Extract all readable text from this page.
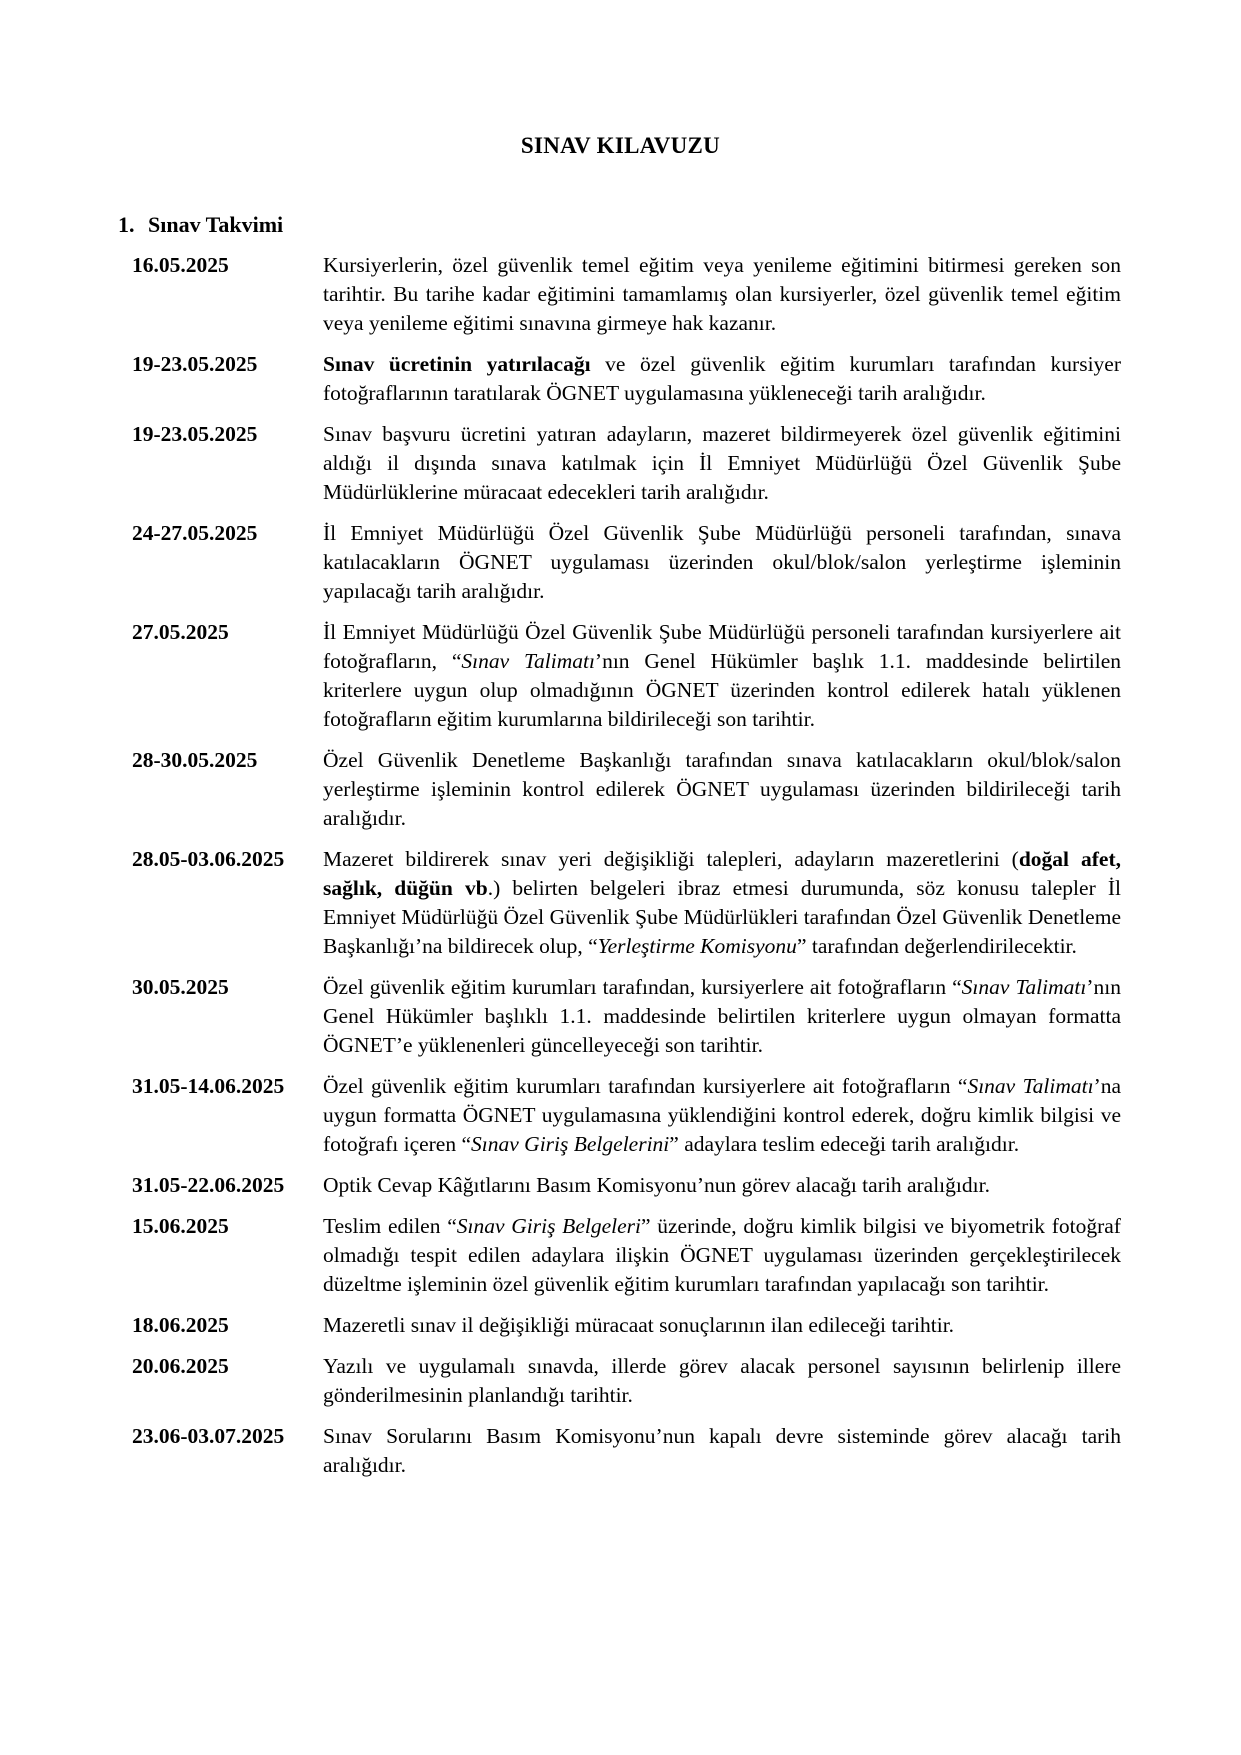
SINAV KILAVUZU
1. Sınav Takvimi
16.05.2025	Kursiyerlerin, özel güvenlik temel eğitim veya yenileme eğitimini bitirmesi gereken son tarihtir. Bu tarihe kadar eğitimini tamamlamış olan kursiyerler, özel güvenlik temel eğitim veya yenileme eğitimi sınavına girmeye hak kazanır.
19-23.05.2025	Sınav ücretinin yatırılacağı ve özel güvenlik eğitim kurumları tarafından kursiyer fotoğraflarının taratılarak ÖGNET uygulamasına yükleneceği tarih aralığıdır.
19-23.05.2025	Sınav başvuru ücretini yatıran adayların, mazeret bildirmeyerek özel güvenlik eğitimini aldığı il dışında sınava katılmak için İl Emniyet Müdürlüğü Özel Güvenlik Şube Müdürlüklerine müracaat edecekleri tarih aralığıdır.
24-27.05.2025	İl Emniyet Müdürlüğü Özel Güvenlik Şube Müdürlüğü personeli tarafından, sınava katılacakların ÖGNET uygulaması üzerinden okul/blok/salon yerleştirme işleminin yapılacağı tarih aralığıdır.
27.05.2025	İl Emniyet Müdürlüğü Özel Güvenlik Şube Müdürlüğü personeli tarafından kursiyerlere ait fotoğrafların, “Sınav Talimatı’nın Genel Hükümler başlık 1.1. maddesinde belirtilen kriterlere uygun olup olmadığının ÖGNET üzerinden kontrol edilerek hatalı yüklenen fotoğrafların eğitim kurumlarına bildirileceği son tarihtir.
28-30.05.2025	Özel Güvenlik Denetleme Başkanlığı tarafından sınava katılacakların okul/blok/salon yerleştirme işleminin kontrol edilerek ÖGNET uygulaması üzerinden bildirileceği tarih aralığıdır.
28.05-03.06.2025	Mazeret bildirerek sınav yeri değişikliği talepleri, adayların mazeretlerini (doğal afet, sağlık, düğün vb.) belirten belgeleri ibraz etmesi durumunda, söz konusu talepler İl Emniyet Müdürlüğü Özel Güvenlik Şube Müdürlükleri tarafından Özel Güvenlik Denetleme Başkanlığı’na bildirecek olup, “Yerleştirme Komisyonu” tarafından değerlendirilecektir.
30.05.2025	Özel güvenlik eğitim kurumları tarafından, kursiyerlere ait fotoğrafların “Sınav Talimatı’nın Genel Hükümler başlıklı 1.1. maddesinde belirtilen kriterlere uygun olmayan formatta ÖGNET’e yüklenenleri güncelleyeceği son tarihtir.
31.05-14.06.2025	Özel güvenlik eğitim kurumları tarafından kursiyerlere ait fotoğrafların “Sınav Talimatı’na uygun formatta ÖGNET uygulamasına yüklendiğini kontrol ederek, doğru kimlik bilgisi ve fotoğrafı içeren “Sınav Giriş Belgelerini” adaylara teslim edeceği tarih aralığıdır.
31.05-22.06.2025	Optik Cevap Kâğıtlarını Basım Komisyonu’nun görev alacağı tarih aralığıdır.
15.06.2025	Teslim edilen “Sınav Giriş Belgeleri” üzerinde, doğru kimlik bilgisi ve biyometrik fotoğraf olmadığı tespit edilen adaylara ilişkin ÖGNET uygulaması üzerinden gerçekleştirilecek düzeltme işleminin özel güvenlik eğitim kurumları tarafından yapılacağı son tarihtir.
18.06.2025	Mazeretli sınav il değişikliği müracaat sonuçlarının ilan edileceği tarihtir.
20.06.2025	Yazılı ve uygulamalı sınavda, illerde görev alacak personel sayısının belirlenip illere gönderilmesinin planlandığı tarihtir.
23.06-03.07.2025	Sınav Sorularını Basım Komisyonu’nun kapalı devre sisteminde görev alacağı tarih aralığıdır.
